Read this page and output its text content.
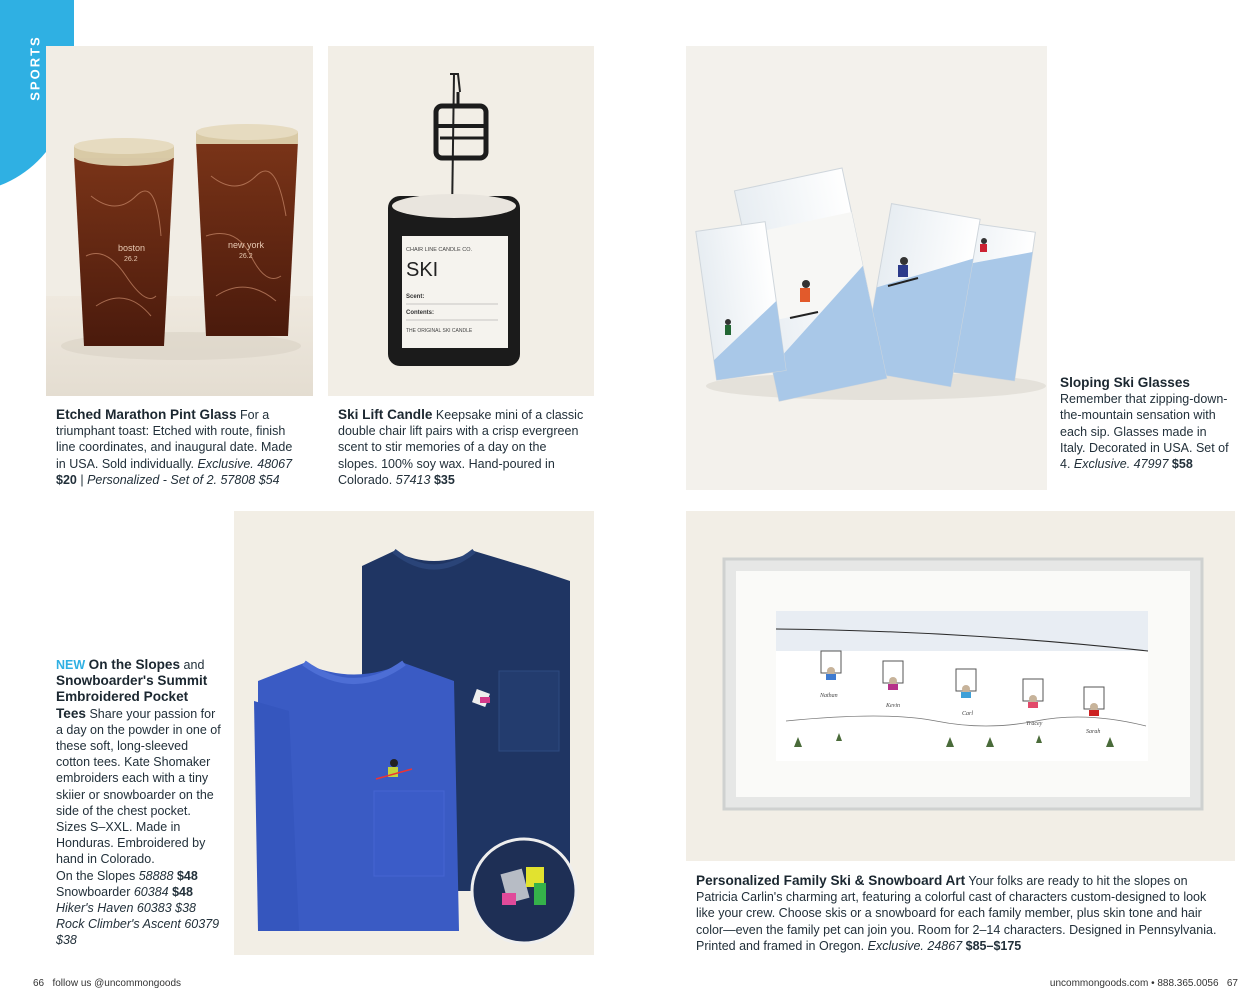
SPORTS
boston
26.2
new york
26.2
CHAIR LINE CANDLE CO.
SKI
Scent:
Contents:
THE ORIGINAL SKI CANDLE
Nathan
Kevin
Carl
Tracey
Sarah
Etched Marathon Pint Glass For a triumphant toast: Etched with route, finish line coordinates, and inaugural date. Made in USA. Sold individually. Exclusive. 48067
$20 | Personalized - Set of 2. 57808 $54
Ski Lift Candle Keepsake mini of a classic double chair lift pairs with a crisp evergreen scent to stir memories of a day on the slopes. 100% soy wax. Hand-poured in Colorado. 57413 $35
Sloping Ski Glasses
Remember that zipping-down-the-mountain sensation with each sip. Glasses made in Italy. Decorated in USA. Set of 4. Exclusive. 47997 $58
NEW On the Slopes and Snowboarder's Summit Embroidered Pocket Tees Share your passion for a day on the powder in one of these soft, long-sleeved cotton tees. Kate Shomaker embroiders each with a tiny skiier or snowboarder on the side of the chest pocket. Sizes S–XXL. Made in Honduras. Embroidered by hand in Colorado.
On the Slopes 58888 $48
Snowboarder 60384 $48
Hiker's Haven 60383 $38
Rock Climber's Ascent 60379 $38
Personalized Family Ski & Snowboard Art Your folks are ready to hit the slopes on Patricia Carlin's charming art, featuring a colorful cast of characters custom-designed to look like your crew. Choose skis or a snowboard for each family member, plus skin tone and hair color—even the family pet can join you. Room for 2–14 characters. Designed in Pennsylvania. Printed and framed in Oregon. Exclusive. 24867 $85–$175
66 follow us @uncommongoods	uncommongoods.com • 888.365.0056 67
